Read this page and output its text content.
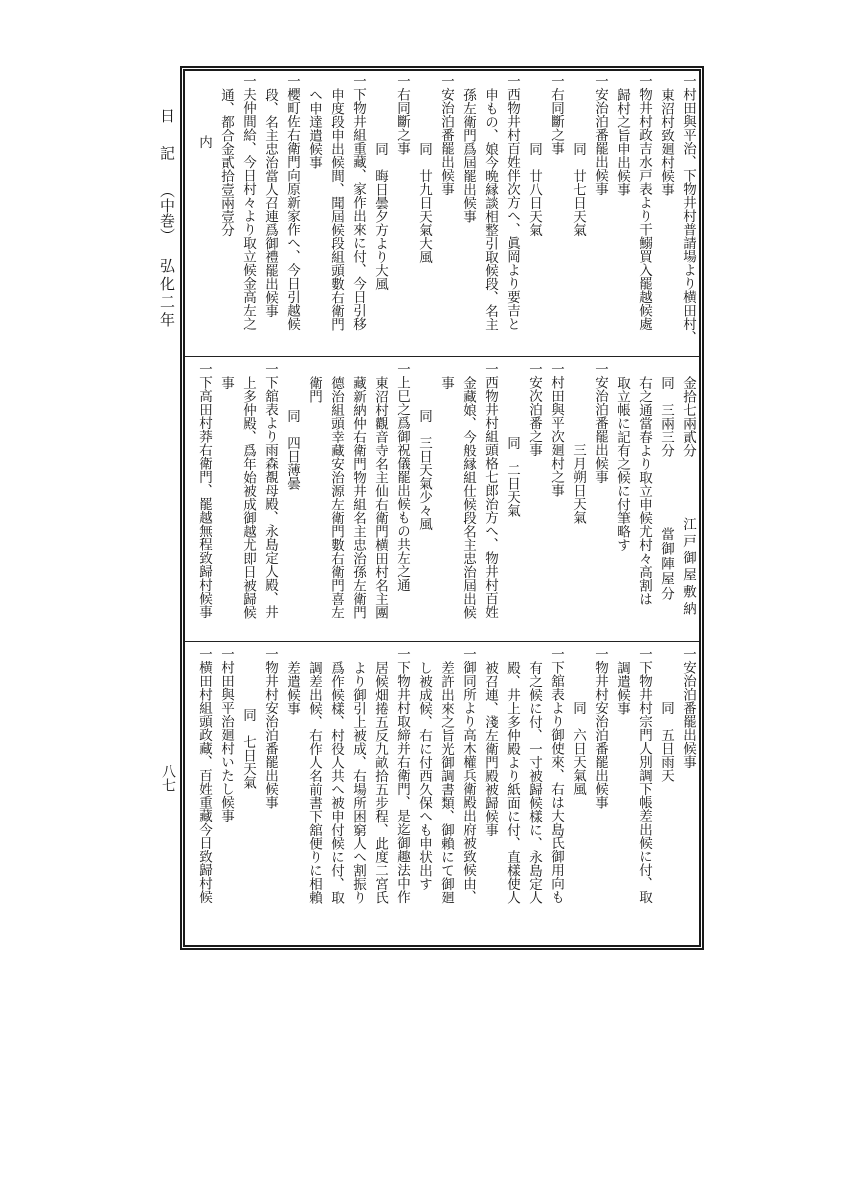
日記（中巻）弘化二年
八七
一村田與平治、下物井村普請場より横田村、
東沼村致廻村候事
一物井村政吉水戸表より干鰯買入罷越候處
歸村之旨申出候事
一安治泊番罷出候事
同　廿七日天氣
一右同斷之事
同　廿八日天氣
一西物井村百姓伴次方へ、眞岡より要吉と
申もの、娘今晩縁談相整引取候段、名主
孫左衛門爲屆罷出候事
一安治泊番罷出候事
同　廿九日天氣大風
一右同斷之事
同　晦日曇夕方より大風
一下物井組重藏、家作出來に付、今日引移
申度段申出候間、聞屆候段組頭數右衛門
へ申達遣候事
一櫻町佐右衛門向原新家作へ、今日引越候
段、名主忠治當人召連爲御禮罷出候事
一夫仲間給、今日村々より取立候金高左之
通、都合金貳拾壹兩壹分
内
金拾七兩貳分江戸御屋敷納
同　三兩三分當御陣屋分
右之通當春より取立申候尤村々高割は
取立帳に記有之候に付筆略す
一安治泊番罷出候事
三月朔日天氣
一村田與平次廻村之事
一安次泊番之事
同　二日天氣
一西物井村組頭格七郎治方へ、物井村百姓
金藏娘、今般縁組仕候段名主忠治屆出候
事
同　三日天氣少々風
一上巳之爲御祝儀罷出候もの共左之通
東沼村觀音寺名主仙右衛門横田村名主團
藏新納仲右衛門物井組名主忠治孫左衛門
德治組頭幸藏安治源左衛門數右衛門喜左
衛門
同　四日薄曇
一下舘表より雨森覩母殿、永島定人殿、井
上多仲殿、爲年始被成御越尤即日被歸候
事
一下高田村莽右衛門、罷越無程致歸村候事
一安治泊番罷出候事
同　五日雨天
一下物井村宗門人別調下帳差出候に付、取
調遣候事
一物井村安治泊番罷出候事
同　六日天氣風
一下舘表より御使來、右は大島氏御用向も
有之候に付、一寸被歸候樣に、永島定人
殿、井上多仲殿より紙面に付、直樣使人
被召連、淺左衛門殿被歸候事
一御同所より高木權兵衛殿出府被致候由、
差許出來之旨光御調書類、御賴にて御廻
し被成候、右に付西久保へも申状出す
一下物井村取締并右衛門、是迄御趣法中作
居候畑捲五反九畝拾五步程、此度二宮氏
より御引上被成、右場所困窮人へ割振り
爲作候樣、村役人共へ被申付候に付、取
調差出候、右作人名前書下舘便りに相賴
差遣候事
一物井村安治泊番罷出候事
同　七日天氣
一村田與平治廻村いたし候事
一横田村組頭政藏、百姓重藏今日致歸村候
